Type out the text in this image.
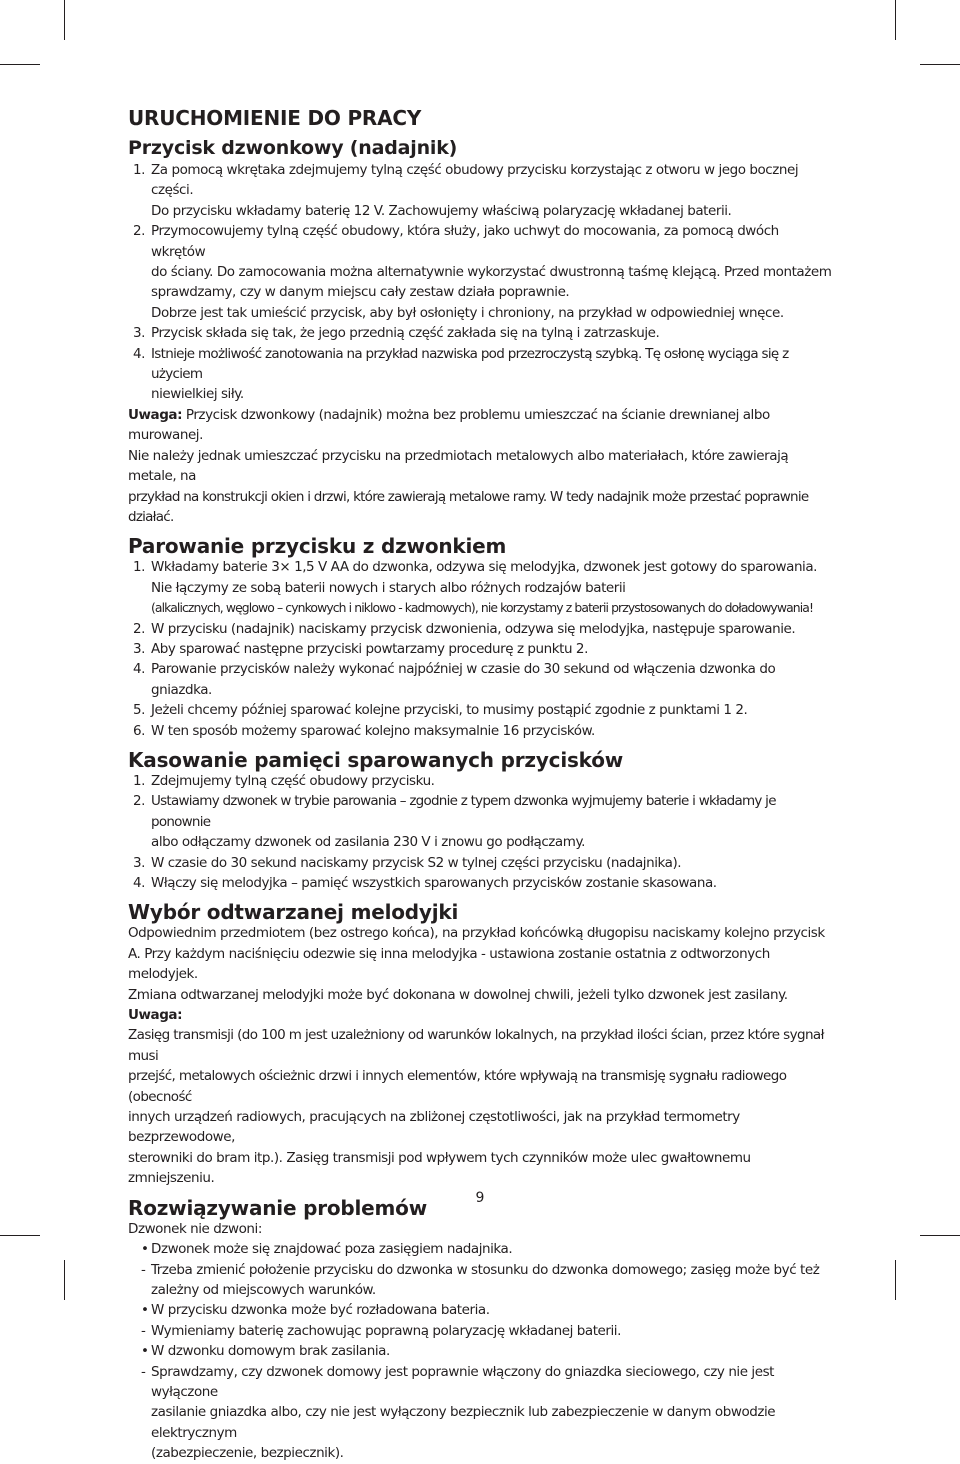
URUCHOMIENIE DO PRACY
Przycisk dzwonkowy (nadajnik)
1. Za pomocą wkrętaka zdejmujemy tylną część obudowy przycisku korzystając z otworu w jego bocznej części.
Do przycisku wkładamy baterię 12 V. Zachowujemy właściwą polaryzację wkładanej baterii.
2. Przymocowujemy tylną część obudowy, która służy, jako uchwyt do mocowania, za pomocą dwóch wkrętów
do ściany. Do zamocowania można alternatywnie wykorzystać dwustronną taśmę klejącą. Przed montażem
sprawdzamy, czy w danym miejscu cały zestaw działa poprawnie.
Dobrze jest tak umieścić przycisk, aby był osłonięty i chroniony, na przykład w odpowiedniej wnęce.
3. Przycisk składa się tak, że jego przednią część zakłada się na tylną i zatrzaskuje.
4. Istnieje możliwość zanotowania na przykład nazwiska pod przezroczystą szybką. Tę osłonę wyciąga się z użyciem
niewielkiej siły.
Uwaga: Przycisk dzwonkowy (nadajnik) można bez problemu umieszczać na ścianie drewnianej albo murowanej.
Nie należy jednak umieszczać przycisku na przedmiotach metalowych albo materiałach, które zawierają metale, na
przykład na konstrukcji okien i drzwi, które zawierają metalowe ramy. W tedy nadajnik może przestać poprawnie działać.
Parowanie przycisku z dzwonkiem
1. Wkładamy baterie 3× 1,5 V AA do dzwonka, odzywa się melodyjka, dzwonek jest gotowy do sparowania.
Nie łączymy ze sobą baterii nowych i starych albo różnych rodzajów baterii
(alkalicznych, węglowo – cynkowych i niklowo - kadmowych), nie korzystamy z baterii przystosowanych do doładowywania!
2. W przycisku (nadajnik) naciskamy przycisk dzwonienia, odzywa się melodyjka, następuje sparowanie.
3. Aby sparować następne przyciski powtarzamy procedurę z punktu 2.
4. Parowanie przycisków należy wykonać najpóźniej w czasie do 30 sekund od włączenia dzwonka do gniazdka.
5. Jeżeli chcemy później sparować kolejne przyciski, to musimy postąpić zgodnie z punktami 1 2.
6. W ten sposób możemy sparować kolejno maksymalnie 16 przycisków.
Kasowanie pamięci sparowanych przycisków
1. Zdejmujemy tylną część obudowy przycisku.
2. Ustawiamy dzwonek w trybie parowania – zgodnie z typem dzwonka wyjmujemy baterie i wkładamy je ponownie
albo odłączamy dzwonek od zasilania 230 V i znowu go podłączamy.
3. W czasie do 30 sekund naciskamy przycisk S2 w tylnej części przycisku (nadajnika).
4. Włączy się melodyjka – pamięć wszystkich sparowanych przycisków zostanie skasowana.
Wybór odtwarzanej melodyjki
Odpowiednim przedmiotem (bez ostrego końca), na przykład końcówką długopisu naciskamy kolejno przycisk
A. Przy każdym naciśnięciu odezwie się inna melodyjka - ustawiona zostanie ostatnia z odtworzonych melodyjek.
Zmiana odtwarzanej melodyjki może być dokonana w dowolnej chwili, jeżeli tylko dzwonek jest zasilany.
Uwaga:
Zasięg transmisji (do 100 m jest uzależniony od warunków lokalnych, na przykład ilości ścian, przez które sygnał musi
przejść, metalowych ościeżnic drzwi i innych elementów, które wpływają na transmisję sygnału radiowego (obecność
innych urządzeń radiowych, pracujących na zbliżonej częstotliwości, jak na przykład termometry bezprzewodowe,
sterowniki do bram itp.). Zasięg transmisji pod wpływem tych czynników może ulec gwałtownemu zmniejszeniu.
Rozwiązywanie problemów
Dzwonek nie dzwoni:
• Dzwonek może się znajdować poza zasięgiem nadajnika.
- Trzeba zmienić położenie przycisku do dzwonka w stosunku do dzwonka domowego; zasięg może być też
zależny od miejscowych warunków.
• W przycisku dzwonka może być rozładowana bateria.
- Wymieniamy baterię zachowując poprawną polaryzację wkładanej baterii.
• W dzwonku domowym brak zasilania.
- Sprawdzamy, czy dzwonek domowy jest poprawnie włączony do gniazdka sieciowego, czy nie jest wyłączone
zasilanie gniazdka albo, czy nie jest wyłączony bezpiecznik lub zabezpieczenie w danym obwodzie elektrycznym
(zabezpieczenie, bezpiecznik).
9
